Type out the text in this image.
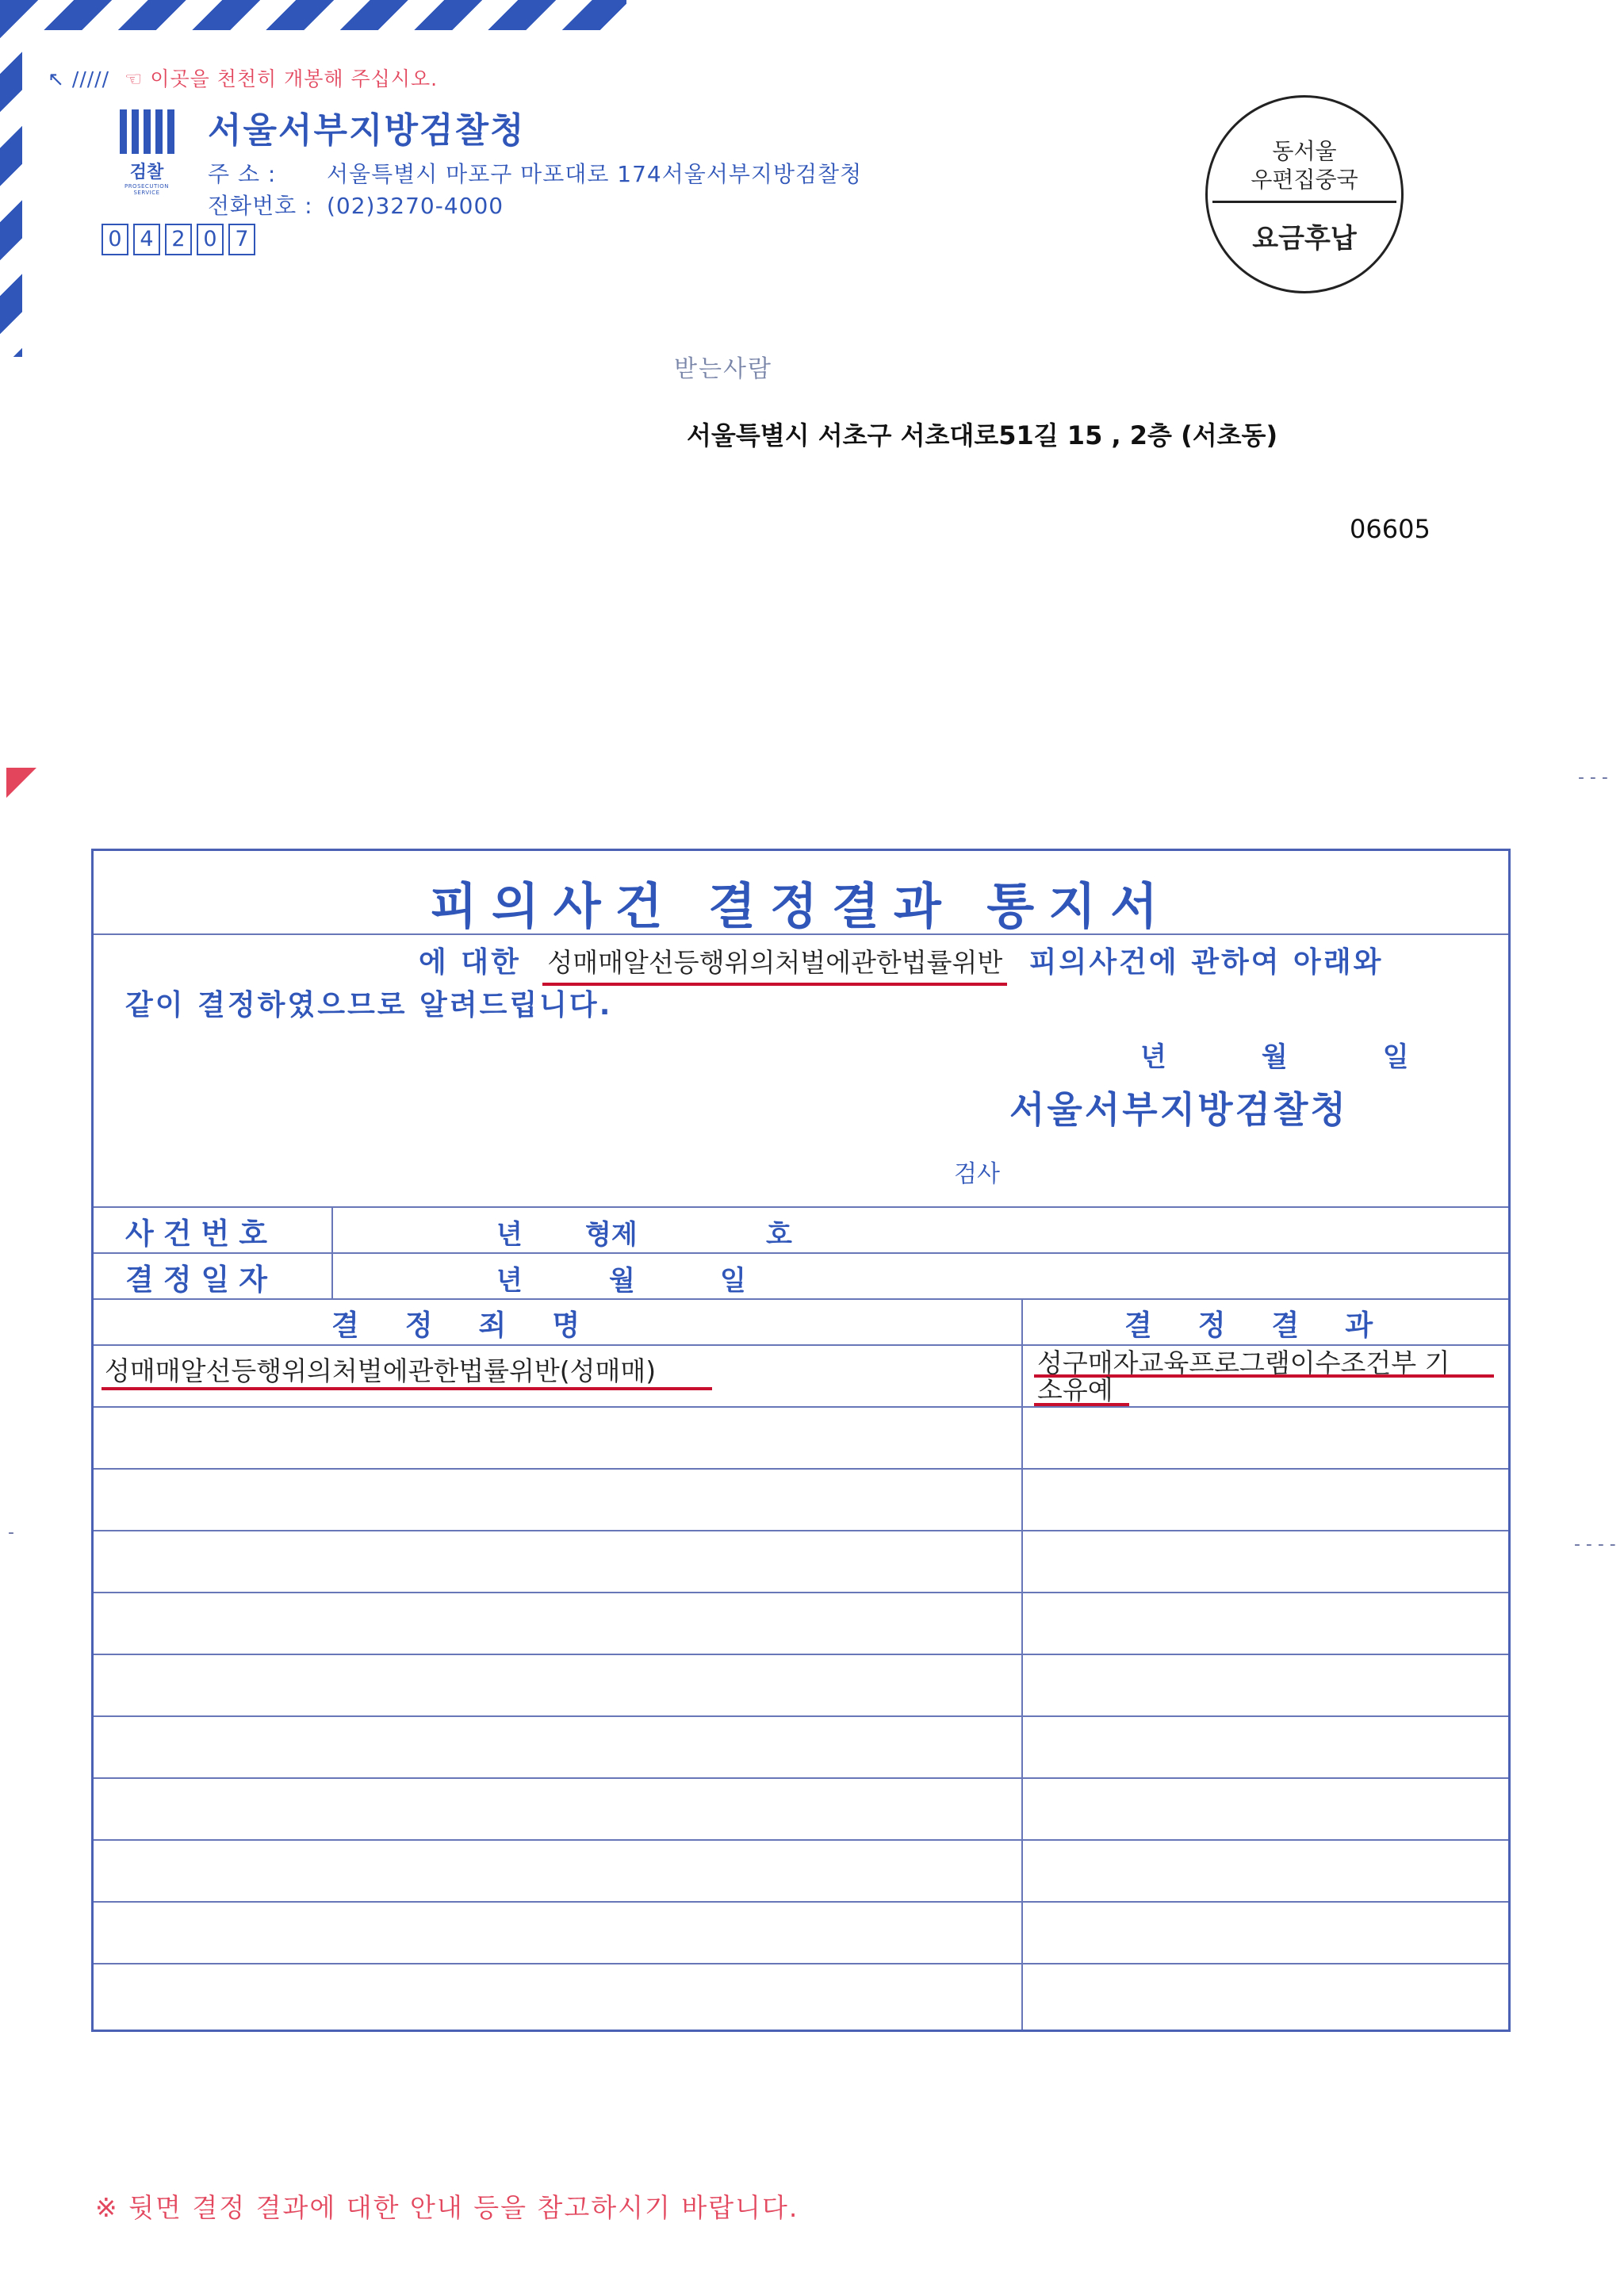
↖ ///// ☜ 이곳을 천천히 개봉해 주십시오.
검찰
PROSECUTION SERVICE
서울서부지방검찰청
주 소 : 서울특별시 마포구 마포대로 174서울서부지방검찰청
전화번호 : (02)3270-4000
0 4 2 0 7
동서울
우편집중국
요금후납
받는사람
서울특별시 서초구 서초대로51길 15 , 2층 (서초동)
06605
- - -
- - - -
-
피의사건 결정결과 통지서
에 대한 성매매알선등행위의처벌에관한법률위반 피의사건에 관하여 아래와
같이 결정하였으므로 알려드립니다.
년	월	일
서울서부지방검찰청
검사
사건번호	년 형제	호
결정일자	년	월	일
결정죄명	결정결과
성매매알선등행위의처벌에관한법률위반(성매매)	성구매자교육프로그램이수조건부 기
소유예
※ 뒷면 결정 결과에 대한 안내 등을 참고하시기 바랍니다.
